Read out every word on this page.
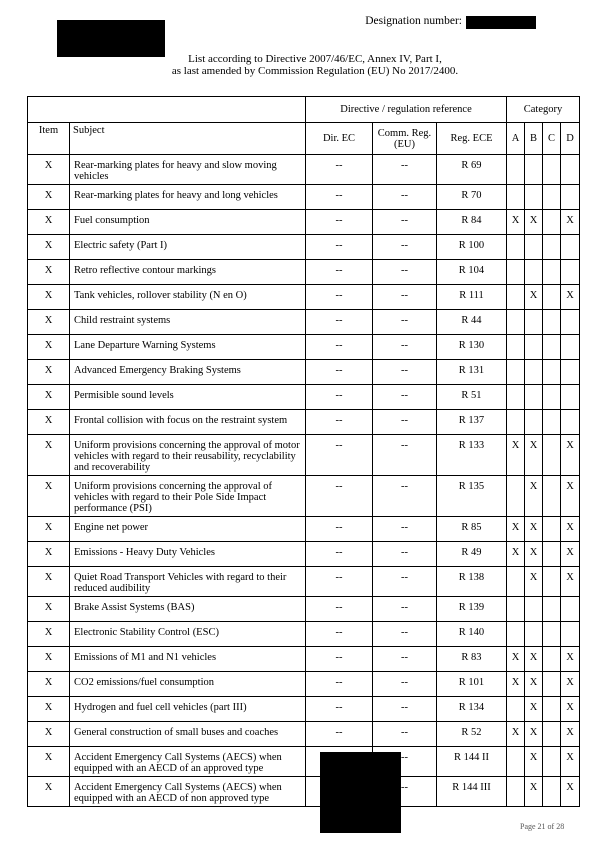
Designation number:
List according to Directive 2007/46/EC, Annex IV, Part I,
as last amended by Commission Regulation (EU) No 2017/2400.
		Directive / regulation reference			Category			
Item	Subject	Dir. EC	Comm. Reg. (EU)	Reg. ECE	A	B	C	D
X	Rear-marking plates for heavy and slow moving vehicles	--	--	R 69				
X	Rear-marking plates for heavy and long vehicles	--	--	R 70				
X	Fuel consumption	--	--	R 84	X	X		X
X	Electric safety (Part I)	--	--	R 100				
X	Retro reflective contour markings	--	--	R 104				
X	Tank vehicles, rollover stability (N en O)	--	--	R 111		X		X
X	Child restraint systems	--	--	R 44				
X	Lane Departure Warning Systems	--	--	R 130				
X	Advanced Emergency Braking Systems	--	--	R 131				
X	Permisible sound levels	--	--	R 51				
X	Frontal collision with focus on the restraint system	--	--	R 137				
X	Uniform provisions concerning the approval of motor vehicles with regard to their reusability, recyclability and recoverability	--	--	R 133	X	X		X
X	Uniform provisions concerning the approval of vehicles with regard to their Pole Side Impact performance (PSI)	--	--	R 135		X		X
X	Engine net power	--	--	R 85	X	X		X
X	Emissions - Heavy Duty Vehicles	--	--	R 49	X	X		X
X	Quiet Road Transport Vehicles with regard to their reduced audibility	--	--	R 138		X		X
X	Brake Assist Systems (BAS)	--	--	R 139				
X	Electronic Stability Control (ESC)	--	--	R 140				
X	Emissions of M1 and N1 vehicles	--	--	R 83	X	X		X
X	CO2 emissions/fuel consumption	--	--	R 101	X	X		X
X	Hydrogen and fuel cell vehicles (part III)	--	--	R 134		X		X
X	General construction of small buses and coaches	--	--	R 52	X	X		X
X	Accident Emergency Call Systems (AECS) when equipped with an AECD of an approved type		--	R 144 II		X		X
X	Accident Emergency Call Systems (AECS) when equipped with an AECD of non approved type		--	R 144 III		X		X
Page 21 of 28
